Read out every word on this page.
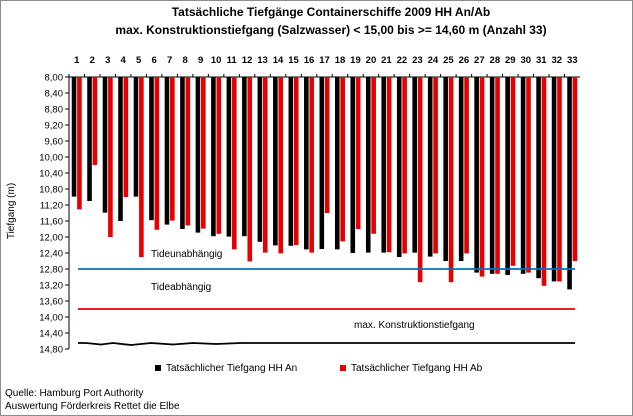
Tatsächliche Tiefgänge Containerschiffe 2009 HH An/Ab
max. Konstruktionstiefgang (Salzwasser) < 15,00 bis >= 14,60 m (Anzahl 33)
Tiefgang (m)
8,00
8,40
8,80
9,20
9,60
10,00
10,40
10,80
11,20
11,60
12,00
12,40
12,80
13,20
13,60
14,00
14,40
14,80
1 2 3 4 5 6 7 8 9 10 11 12 13 14 15 16 17 18 19 20 21 22 23 24 25 26 27 28 29 30 31 32 33
Tideunabhängig
Tideabhängig
max. Konstruktionstiefgang
Tatsächlicher Tiefgang HH An	Tatsächlicher Tiefgang HH Ab
Quelle: Hamburg Port Authority
Auswertung Förderkreis Rettet die Elbe
